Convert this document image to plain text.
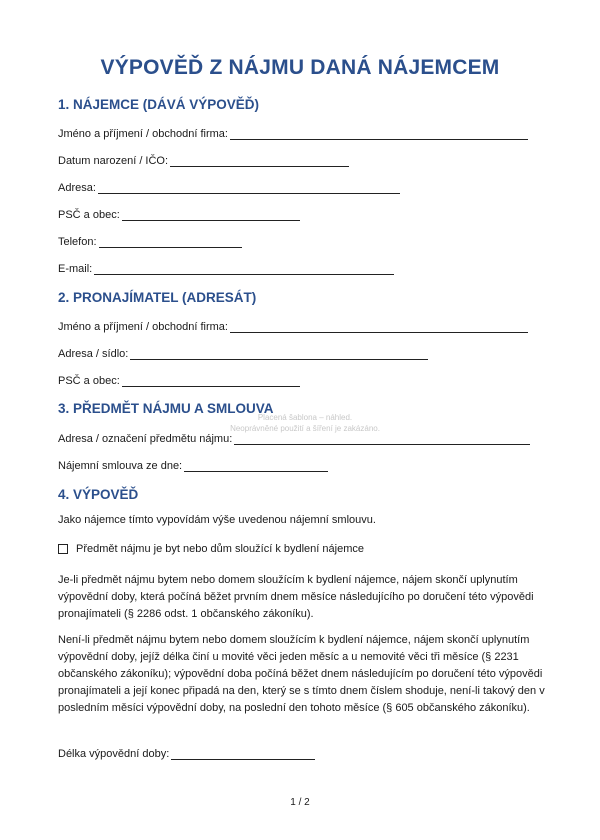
VÝPOVĚĎ Z NÁJMU DANÁ NÁJEMCEM
1. NÁJEMCE (DÁVÁ VÝPOVĚĎ)
Jméno a příjmení / obchodní firma:
Datum narození / IČO:
Adresa:
PSČ a obec:
Telefon:
E-mail:
2. PRONAJÍMATEL (ADRESÁT)
Jméno a příjmení / obchodní firma:
Adresa / sídlo:
PSČ a obec:
3. PŘEDMĚT NÁJMU A SMLOUVA
Adresa / označení předmětu nájmu:
Nájemní smlouva ze dne:
Placená šablona – náhled.
Neoprávněné použití a šíření je zakázáno.
4. VÝPOVĚĎ
Jako nájemce tímto vypovídám výše uvedenou nájemní smlouvu.
Předmět nájmu je byt nebo dům sloužící k bydlení nájemce
Je-li předmět nájmu bytem nebo domem sloužícím k bydlení nájemce, nájem skončí uplynutím výpovědní doby, která počíná běžet prvním dnem měsíce následujícího po doručení této výpovědi pronajímateli (§ 2286 odst. 1 občanského zákoníku).
Není-li předmět nájmu bytem nebo domem sloužícím k bydlení nájemce, nájem skončí uplynutím výpovědní doby, jejíž délka činí u movité věci jeden měsíc a u nemovité věci tři měsíce (§ 2231 občanského zákoníku); výpovědní doba počíná běžet dnem následujícím po doručení této výpovědi pronajímateli a její konec připadá na den, který se s tímto dnem číslem shoduje, není-li takový den v posledním měsíci výpovědní doby, na poslední den tohoto měsíce (§ 605 občanského zákoníku).
Délka výpovědní doby:
1 / 2
